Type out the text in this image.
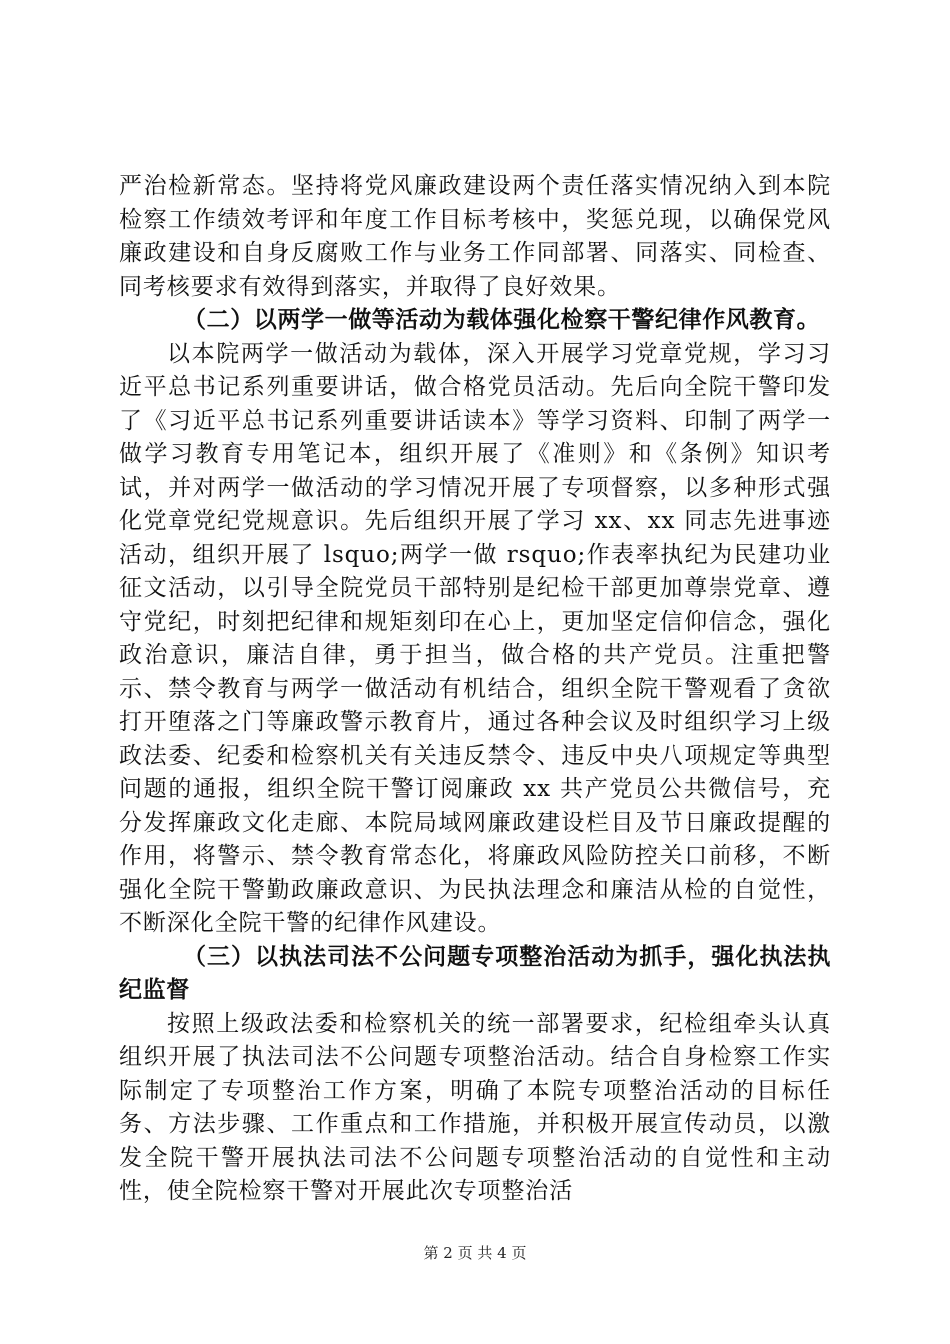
严治检新常态。坚持将党风廉政建设两个责任落实情况纳入到本院检察工作绩效考评和年度工作目标考核中，奖惩兑现，以确保党风廉政建设和自身反腐败工作与业务工作同部署、同落实、同检查、同考核要求有效得到落实，并取得了良好效果。

（二）以两学一做等活动为载体强化检察干警纪律作风教育。

以本院两学一做活动为载体，深入开展学习党章党规，学习习近平总书记系列重要讲话，做合格党员活动。先后向全院干警印发了《习近平总书记系列重要讲话读本》等学习资料、印制了两学一做学习教育专用笔记本，组织开展了《准则》和《条例》知识考试，并对两学一做活动的学习情况开展了专项督察，以多种形式强化党章党纪党规意识。先后组织开展了学习 xx、xx 同志先进事迹活动，组织开展了 lsquo;两学一做 rsquo;作表率执纪为民建功业征文活动，以引导全院党员干部特别是纪检干部更加尊崇党章、遵守党纪，时刻把纪律和规矩刻印在心上，更加坚定信仰信念，强化政治意识，廉洁自律，勇于担当，做合格的共产党员。注重把警示、禁令教育与两学一做活动有机结合，组织全院干警观看了贪欲打开堕落之门等廉政警示教育片，通过各种会议及时组织学习上级政法委、纪委和检察机关有关违反禁令、违反中央八项规定等典型问题的通报，组织全院干警订阅廉政 xx 共产党员公共微信号，充分发挥廉政文化走廊、本院局域网廉政建设栏目及节日廉政提醒的作用，将警示、禁令教育常态化，将廉政风险防控关口前移，不断强化全院干警勤政廉政意识、为民执法理念和廉洁从检的自觉性，不断深化全院干警的纪律作风建设。

（三）以执法司法不公问题专项整治活动为抓手，强化执法执纪监督

按照上级政法委和检察机关的统一部署要求，纪检组牵头认真组织开展了执法司法不公问题专项整治活动。结合自身检察工作实际制定了专项整治工作方案，明确了本院专项整治活动的目标任务、方法步骤、工作重点和工作措施，并积极开展宣传动员，以激发全院干警开展执法司法不公问题专项整治活动的自觉性和主动性，使全院检察干警对开展此次专项整治活

第 2 页 共 4 页
